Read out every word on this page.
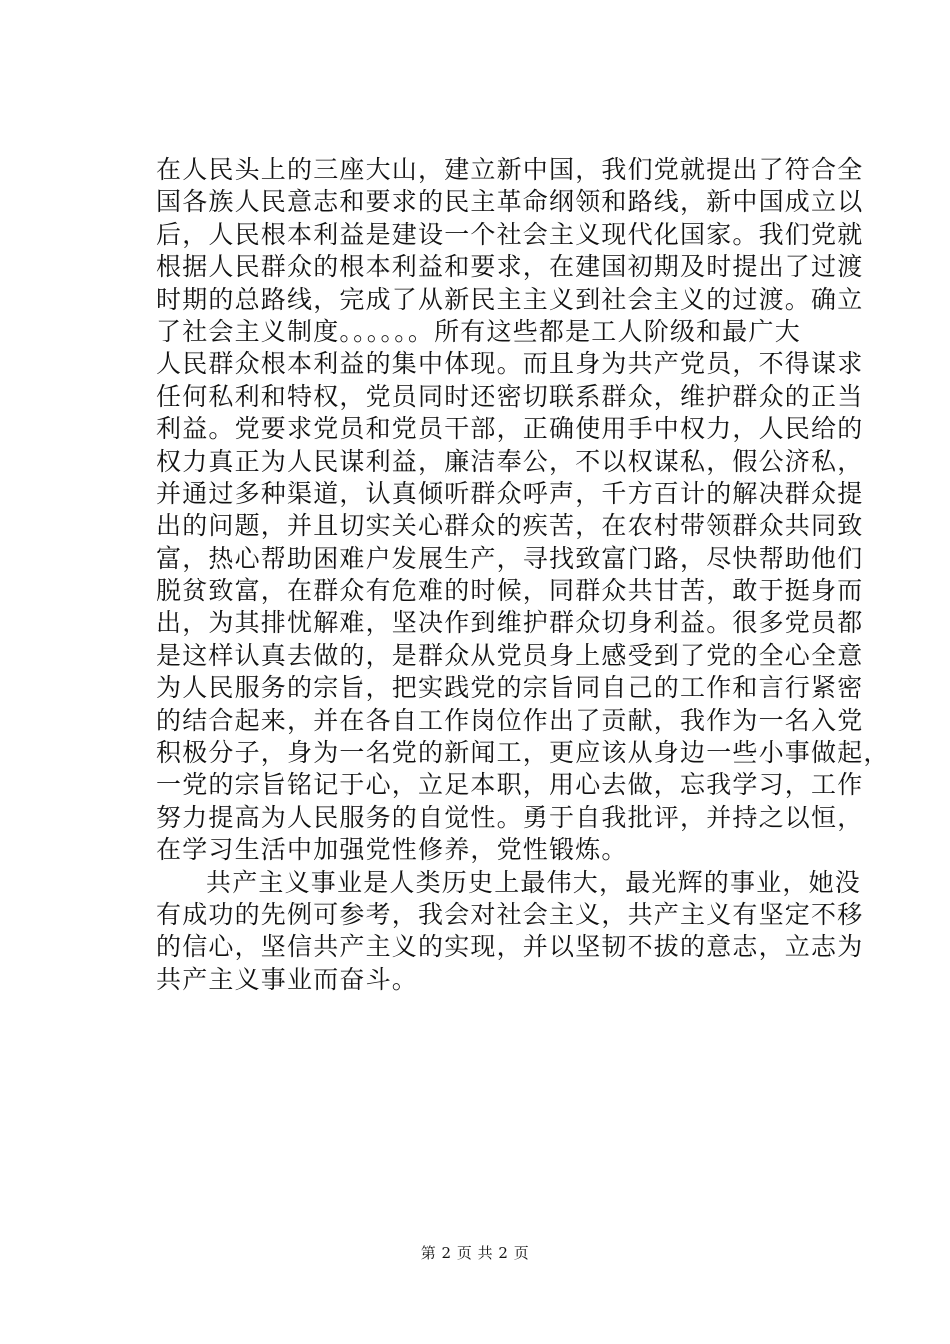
在人民头上的三座大山，建立新中国，我们党就提出了符合全
国各族人民意志和要求的民主革命纲领和路线，新中国成立以
后，人民根本利益是建设一个社会主义现代化国家。我们党就
根据人民群众的根本利益和要求，在建国初期及时提出了过渡
时期的总路线，完成了从新民主主义到社会主义的过渡。确立
了社会主义制度。。。。。。所有这些都是工人阶级和最广大
人民群众根本利益的集中体现。而且身为共产党员，不得谋求
任何私利和特权，党员同时还密切联系群众，维护群众的正当
利益。党要求党员和党员干部，正确使用手中权力，人民给的
权力真正为人民谋利益，廉洁奉公，不以权谋私，假公济私，
并通过多种渠道，认真倾听群众呼声，千方百计的解决群众提
出的问题，并且切实关心群众的疾苦，在农村带领群众共同致
富，热心帮助困难户发展生产，寻找致富门路，尽快帮助他们
脱贫致富，在群众有危难的时候，同群众共甘苦，敢于挺身而
出，为其排忧解难，坚决作到维护群众切身利益。很多党员都
是这样认真去做的，是群众从党员身上感受到了党的全心全意
为人民服务的宗旨，把实践党的宗旨同自己的工作和言行紧密
的结合起来，并在各自工作岗位作出了贡献，我作为一名入党
积极分子，身为一名党的新闻工，更应该从身边一些小事做起，
一党的宗旨铭记于心，立足本职，用心去做，忘我学习，工作
努力提高为人民服务的自觉性。勇于自我批评，并持之以恒，
在学习生活中加强党性修养，党性锻炼。
共产主义事业是人类历史上最伟大，最光辉的事业，她没
有成功的先例可参考，我会对社会主义，共产主义有坚定不移
的信心，坚信共产主义的实现，并以坚韧不拔的意志，立志为
共产主义事业而奋斗。
第 2 页 共 2 页
